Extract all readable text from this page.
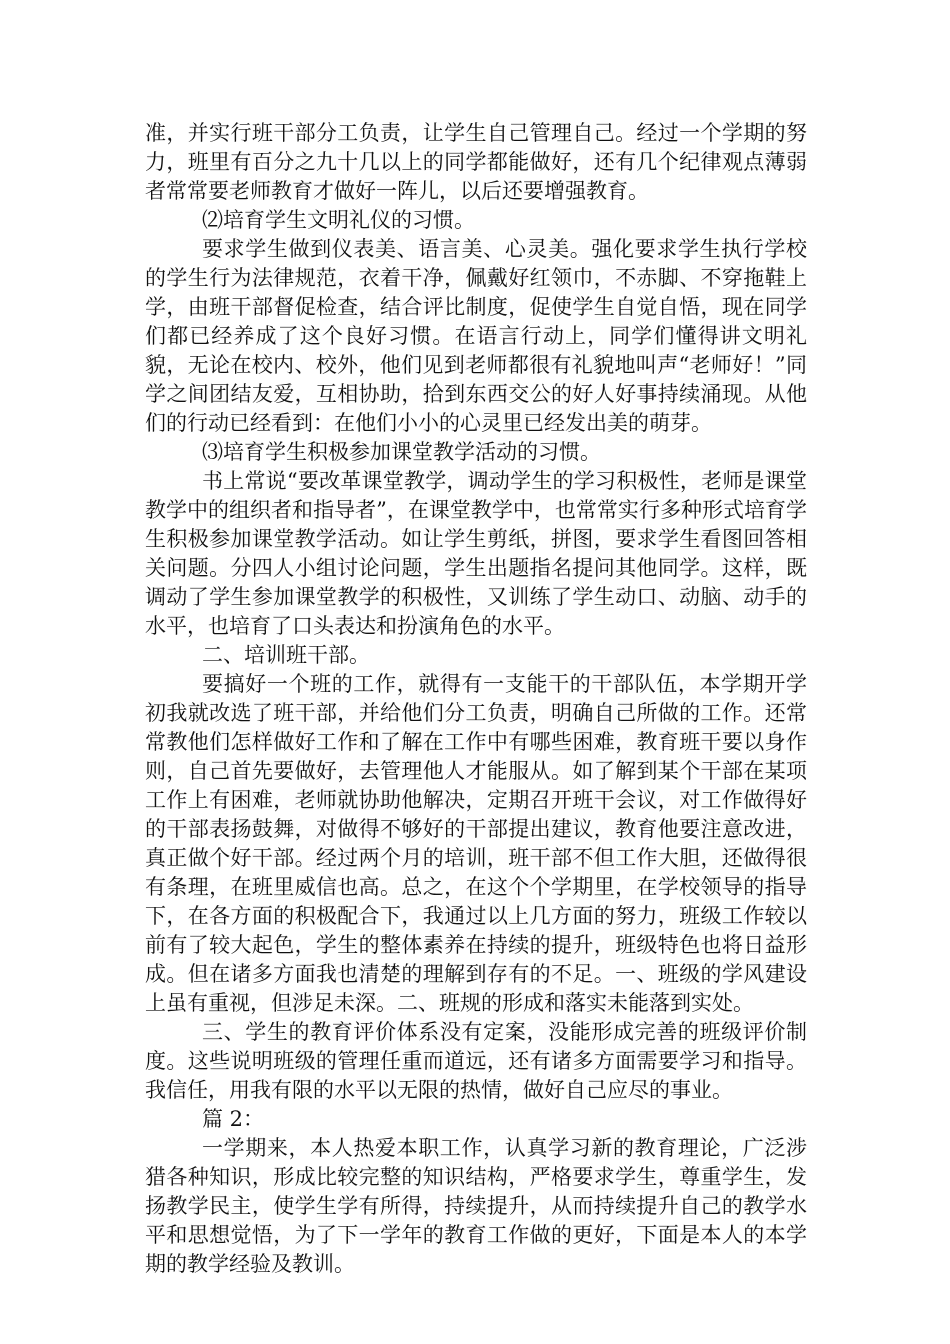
准，并实行班干部分工负责，让学生自己管理自己。经过一个学期的努力，班里有百分之九十几以上的同学都能做好，还有几个纪律观点薄弱者常常要老师教育才做好一阵儿，以后还要增强教育。

⑵培育学生文明礼仪的习惯。

要求学生做到仪表美、语言美、心灵美。强化要求学生执行学校的学生行为法律规范，衣着干净，佩戴好红领巾，不赤脚、不穿拖鞋上学，由班干部督促检查，结合评比制度，促使学生自觉自悟，现在同学们都已经养成了这个良好习惯。在语言行动上，同学们懂得讲文明礼貌，无论在校内、校外，他们见到老师都很有礼貌地叫声“老师好！”同学之间团结友爱，互相协助，拾到东西交公的好人好事持续涌现。从他们的行动已经看到：在他们小小的心灵里已经发出美的萌芽。

⑶培育学生积极参加课堂教学活动的习惯。

书上常说“要改革课堂教学，调动学生的学习积极性，老师是课堂教学中的组织者和指导者”，在课堂教学中，也常常实行多种形式培育学生积极参加课堂教学活动。如让学生剪纸，拼图，要求学生看图回答相关问题。分四人小组讨论问题，学生出题指名提问其他同学。这样，既调动了学生参加课堂教学的积极性，又训练了学生动口、动脑、动手的水平，也培育了口头表达和扮演角色的水平。

二、培训班干部。

要搞好一个班的工作，就得有一支能干的干部队伍，本学期开学初我就改选了班干部，并给他们分工负责，明确自己所做的工作。还常常教他们怎样做好工作和了解在工作中有哪些困难，教育班干要以身作则，自己首先要做好，去管理他人才能服从。如了解到某个干部在某项工作上有困难，老师就协助他解决，定期召开班干会议，对工作做得好的干部表扬鼓舞，对做得不够好的干部提出建议，教育他要注意改进，真正做个好干部。经过两个月的培训，班干部不但工作大胆，还做得很有条理，在班里威信也高。总之，在这个个学期里，在学校领导的指导下，在各方面的积极配合下，我通过以上几方面的努力，班级工作较以前有了较大起色，学生的整体素养在持续的提升，班级特色也将日益形成。但在诸多方面我也清楚的理解到存有的不足。一、班级的学风建设上虽有重视，但涉足未深。二、班规的形成和落实未能落到实处。

三、学生的教育评价体系没有定案，没能形成完善的班级评价制度。这些说明班级的管理任重而道远，还有诸多方面需要学习和指导。我信任，用我有限的水平以无限的热情，做好自己应尽的事业。

篇 2：

一学期来，本人热爱本职工作，认真学习新的教育理论，广泛涉猎各种知识，形成比较完整的知识结构，严格要求学生，尊重学生，发扬教学民主，使学生学有所得，持续提升，从而持续提升自己的教学水平和思想觉悟，为了下一学年的教育工作做的更好，下面是本人的本学期的教学经验及教训。
